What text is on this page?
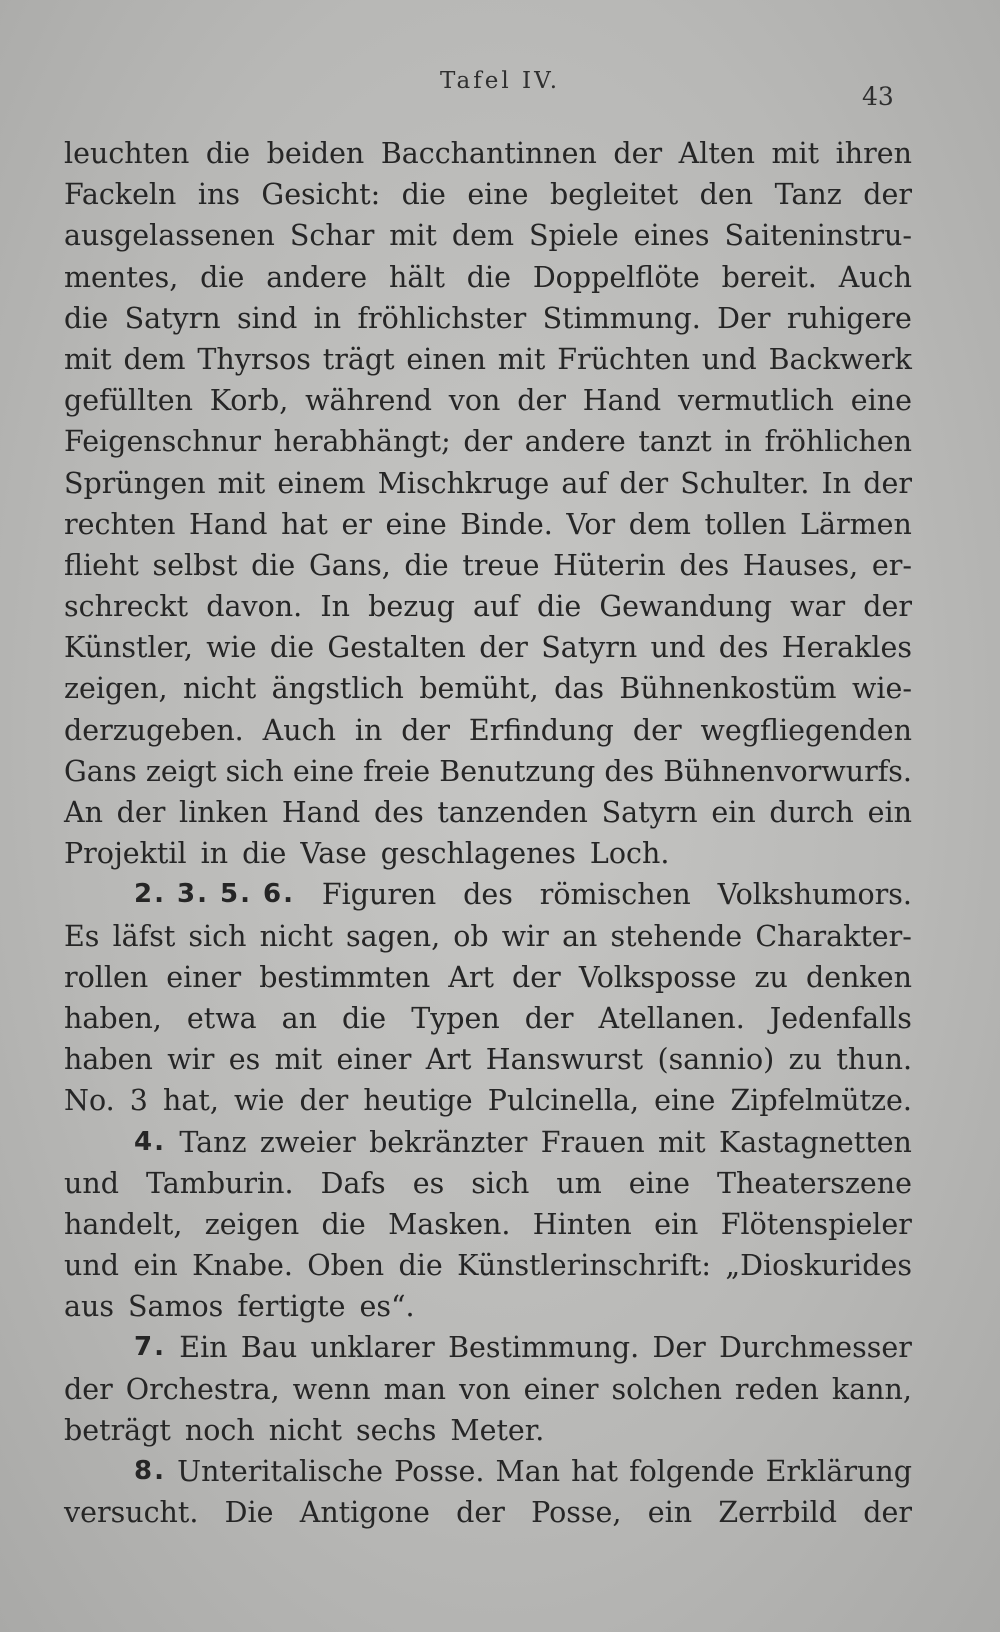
Tafel IV.
43
leuchten die beiden Bacchantinnen der Alten mit ihren
Fackeln ins Gesicht: die eine begleitet den Tanz der
ausgelassenen Schar mit dem Spiele eines Saiteninstru-
mentes, die andere hält die Doppelflöte bereit. Auch
die Satyrn sind in fröhlichster Stimmung. Der ruhigere
mit dem Thyrsos trägt einen mit Früchten und Backwerk
gefüllten Korb, während von der Hand vermutlich eine
Feigenschnur herabhängt; der andere tanzt in fröhlichen
Sprüngen mit einem Mischkruge auf der Schulter. In der
rechten Hand hat er eine Binde. Vor dem tollen Lärmen
flieht selbst die Gans, die treue Hüterin des Hauses, er-
schreckt davon. In bezug auf die Gewandung war der
Künstler, wie die Gestalten der Satyrn und des Herakles
zeigen, nicht ängstlich bemüht, das Bühnenkostüm wie-
derzugeben. Auch in der Erfindung der wegfliegenden
Gans zeigt sich eine freie Benutzung des Bühnenvorwurfs.
An der linken Hand des tanzenden Satyrn ein durch ein
Projektil in die Vase geschlagenes Loch.
2. 3. 5. 6. Figuren des römischen Volkshumors.
Es läfst sich nicht sagen, ob wir an stehende Charakter-
rollen einer bestimmten Art der Volksposse zu denken
haben, etwa an die Typen der Atellanen. Jedenfalls
haben wir es mit einer Art Hanswurst (sannio) zu thun.
No. 3 hat, wie der heutige Pulcinella, eine Zipfelmütze.
4. Tanz zweier bekränzter Frauen mit Kastagnetten
und Tamburin. Dafs es sich um eine Theaterszene
handelt, zeigen die Masken. Hinten ein Flötenspieler
und ein Knabe. Oben die Künstlerinschrift: „Dioskurides
aus Samos fertigte es“.
7. Ein Bau unklarer Bestimmung. Der Durchmesser
der Orchestra, wenn man von einer solchen reden kann,
beträgt noch nicht sechs Meter.
8. Unteritalische Posse. Man hat folgende Erklärung
versucht. Die Antigone der Posse, ein Zerrbild der
